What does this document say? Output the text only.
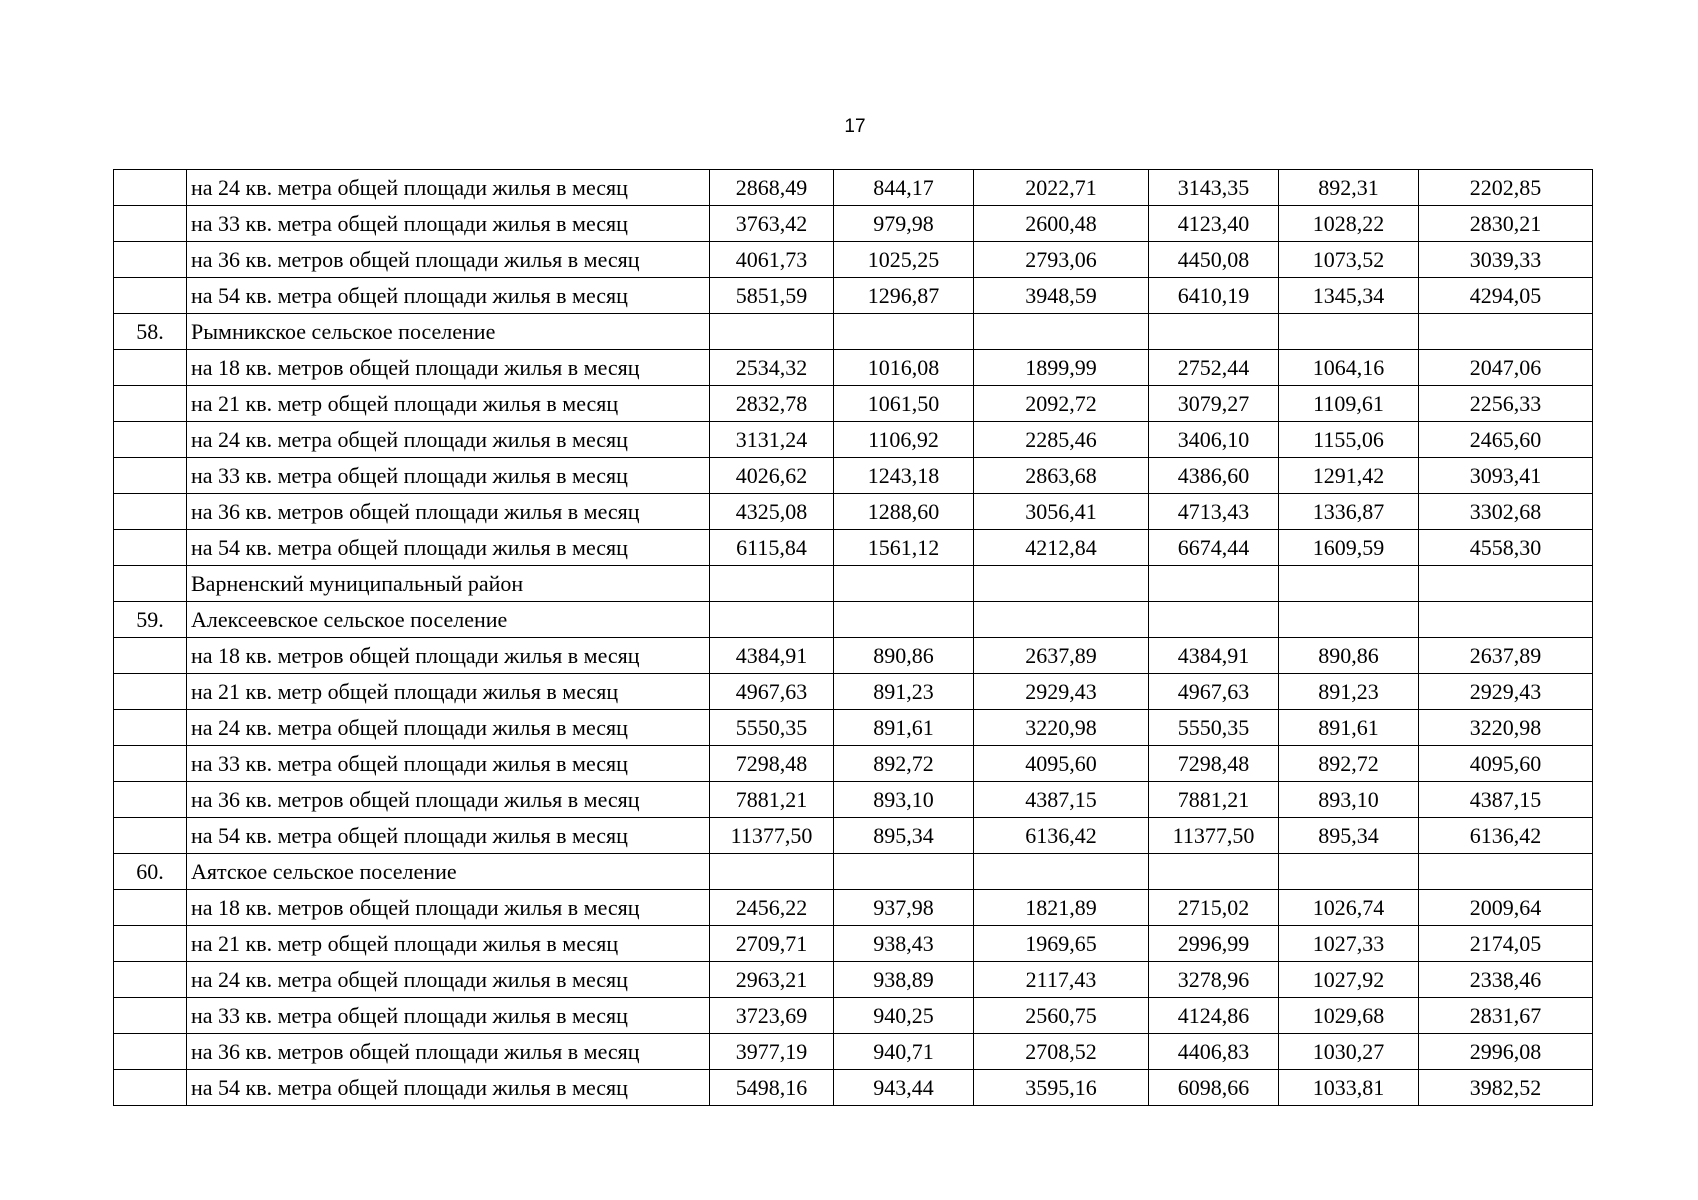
17
	на 24 кв. метра общей площади жилья в месяц	2868,49	844,17	2022,71	3143,35	892,31	2202,85
	на 33 кв. метра общей площади жилья в месяц	3763,42	979,98	2600,48	4123,40	1028,22	2830,21
	на 36 кв. метров общей площади жилья в месяц	4061,73	1025,25	2793,06	4450,08	1073,52	3039,33
	на 54 кв. метра общей площади жилья в месяц	5851,59	1296,87	3948,59	6410,19	1345,34	4294,05
58.	Рымникское сельское поселение						
	на 18 кв. метров общей площади жилья в месяц	2534,32	1016,08	1899,99	2752,44	1064,16	2047,06
	на 21 кв. метр общей площади жилья в месяц	2832,78	1061,50	2092,72	3079,27	1109,61	2256,33
	на 24 кв. метра общей площади жилья в месяц	3131,24	1106,92	2285,46	3406,10	1155,06	2465,60
	на 33 кв. метра общей площади жилья в месяц	4026,62	1243,18	2863,68	4386,60	1291,42	3093,41
	на 36 кв. метров общей площади жилья в месяц	4325,08	1288,60	3056,41	4713,43	1336,87	3302,68
	на 54 кв. метра общей площади жилья в месяц	6115,84	1561,12	4212,84	6674,44	1609,59	4558,30
	Варненский муниципальный район						
59.	Алексеевское сельское поселение						
	на 18 кв. метров общей площади жилья в месяц	4384,91	890,86	2637,89	4384,91	890,86	2637,89
	на 21 кв. метр общей площади жилья в месяц	4967,63	891,23	2929,43	4967,63	891,23	2929,43
	на 24 кв. метра общей площади жилья в месяц	5550,35	891,61	3220,98	5550,35	891,61	3220,98
	на 33 кв. метра общей площади жилья в месяц	7298,48	892,72	4095,60	7298,48	892,72	4095,60
	на 36 кв. метров общей площади жилья в месяц	7881,21	893,10	4387,15	7881,21	893,10	4387,15
	на 54 кв. метра общей площади жилья в месяц	11377,50	895,34	6136,42	11377,50	895,34	6136,42
60.	Аятское сельское поселение						
	на 18 кв. метров общей площади жилья в месяц	2456,22	937,98	1821,89	2715,02	1026,74	2009,64
	на 21 кв. метр общей площади жилья в месяц	2709,71	938,43	1969,65	2996,99	1027,33	2174,05
	на 24 кв. метра общей площади жилья в месяц	2963,21	938,89	2117,43	3278,96	1027,92	2338,46
	на 33 кв. метра общей площади жилья в месяц	3723,69	940,25	2560,75	4124,86	1029,68	2831,67
	на 36 кв. метров общей площади жилья в месяц	3977,19	940,71	2708,52	4406,83	1030,27	2996,08
	на 54 кв. метра общей площади жилья в месяц	5498,16	943,44	3595,16	6098,66	1033,81	3982,52
